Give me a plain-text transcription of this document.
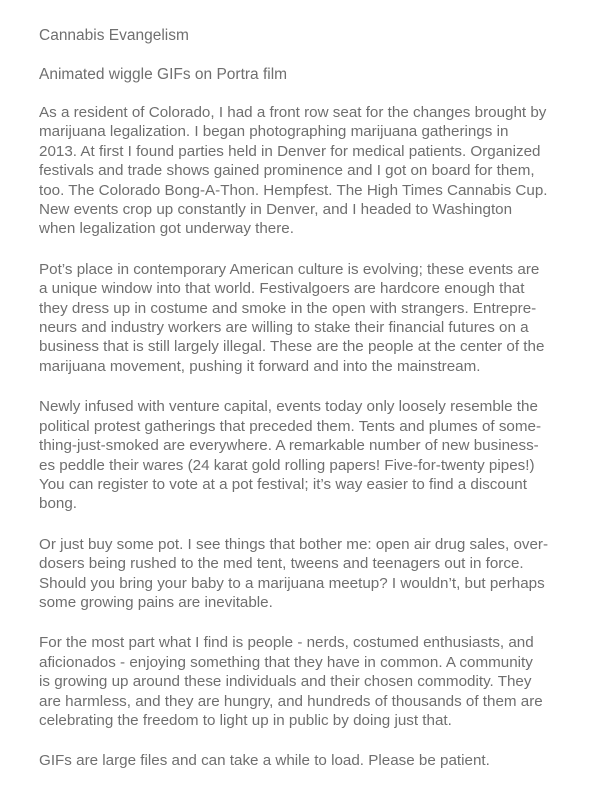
Cannabis Evangelism
Animated wiggle GIFs on Portra film

As a resident of Colorado, I had a front row seat for the changes brought by
marijuana legalization. I began photographing marijuana gatherings in
2013. At first I found parties held in Denver for medical patients. Organized
festivals and trade shows gained prominence and I got on board for them,
too. The Colorado Bong-A-Thon. Hempfest. The High Times Cannabis Cup.
New events crop up constantly in Denver, and I headed to Washington
when legalization got underway there.

Pot’s place in contemporary American culture is evolving; these events are
a unique window into that world. Festivalgoers are hardcore enough that
they dress up in costume and smoke in the open with strangers. Entrepre-
neurs and industry workers are willing to stake their financial futures on a
business that is still largely illegal. These are the people at the center of the
marijuana movement, pushing it forward and into the mainstream.

Newly infused with venture capital, events today only loosely resemble the
political protest gatherings that preceded them. Tents and plumes of some-
thing-just-smoked are everywhere. A remarkable number of new business-
es peddle their wares (24 karat gold rolling papers! Five-for-twenty pipes!)
You can register to vote at a pot festival; it’s way easier to find a discount
bong.

Or just buy some pot. I see things that bother me: open air drug sales, over-
dosers being rushed to the med tent, tweens and teenagers out in force.
Should you bring your baby to a marijuana meetup? I wouldn’t, but perhaps
some growing pains are inevitable.

For the most part what I find is people - nerds, costumed enthusiasts, and
aficionados - enjoying something that they have in common. A community
is growing up around these individuals and their chosen commodity. They
are harmless, and they are hungry, and hundreds of thousands of them are
celebrating the freedom to light up in public by doing just that.

GIFs are large files and can take a while to load. Please be patient.
